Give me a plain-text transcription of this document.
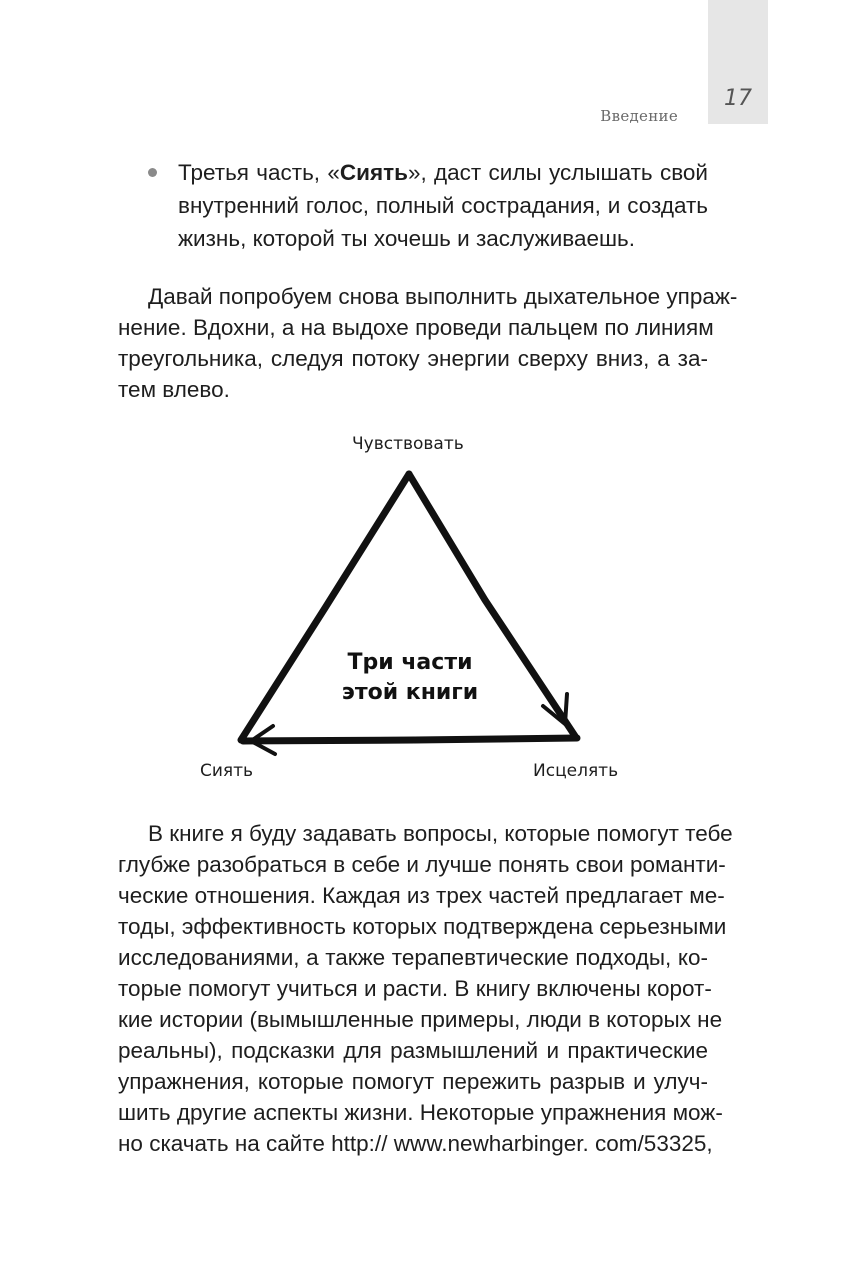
17
Введение
Третья часть, «Сиять», даст силы услышать свой
внутренний голос, полный сострадания, и создать
жизнь, которой ты хочешь и заслуживаешь.
Давай попробуем снова выполнить дыхательное упраж-
нение. Вдохни, а на выдохе проведи пальцем по линиям
треугольника, следуя потоку энергии сверху вниз, а за-
тем влево.
Чувствовать
Три части
этой книги
Сиять	Исцелять
В книге я буду задавать вопросы, которые помогут тебе
глубже разобраться в себе и лучше понять свои романти-
ческие отношения. Каждая из трех частей предлагает ме-
тоды, эффективность которых подтверждена серьезными
исследованиями, а также терапевтические подходы, ко-
торые помогут учиться и расти. В книгу включены корот-
кие истории (вымышленные примеры, люди в которых не
реальны), подсказки для размышлений и практические
упражнения, которые помогут пережить разрыв и улуч-
шить другие аспекты жизни. Некоторые упражнения мож-
но скачать на сайте http:// www.newharbinger. com/53325,
